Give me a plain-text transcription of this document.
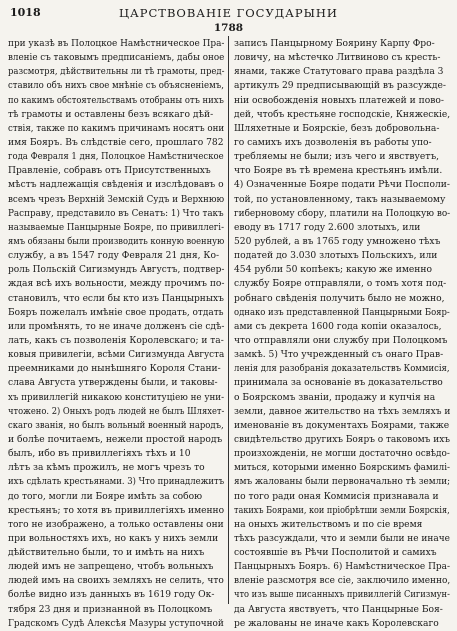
1018	ЦАРСТВОВАНIЕ ГОСУДАРЫНИ
1788
при указѣ въ Полоцкое Намѣстническое Пра-
вленiе съ таковымъ предписанiемъ, дабы оное
разсмотря, дѣйствительны ли тѣ грамоты, пред-
ставило объ нихъ свое мнѣнiе съ объясненiемъ,
по какимъ обстоятельствамъ отобраны отъ нихъ
тѣ грамоты и оставлены безъ всякаго дѣй-
ствiя, также по какимъ причинамъ носятъ они
имя Бояръ. Въ слѣдствiе сего, прошлаго 782
года Февраля 1 дня, Полоцкое Намѣстническое
Правленiе, собравъ отъ Присутственныхъ
мѣстъ надлежащiя свѣденiя и изслѣдовавъ о
всемъ чрезъ Верхнiй Земскiй Судъ и Верхнюю
Расправу, представило въ Сенатъ: 1) Что такъ
называемые Панцырные Бояре, по привиллегi-
ямъ обязаны были производить конную военную
службу, а въ 1547 году Февраля 21 дня, Ко-
роль Польскiй Сигизмундъ Августъ, подтвер-
ждая всѣ ихъ вольности, между прочимъ по-
становилъ, что если бы кто изъ Панцырныхъ
Бояръ пожелалъ имѣнiе свое продать, отдать
или промѣнять, то не иначе долженъ сiе сдѣ-
лать, какъ съ позволенiя Королевскаго; и та-
ковыя привилегiи, всѣми Сигизмунда Августа
преемниками до нынѣшняго Короля Стани-
слава Августа утверждены были, и таковы-
хъ привиллегiй никакою конституцiею не уни-
чтожено. 2) Оныхъ родъ людей не былъ Шляхет-
скаго званiя, но былъ вольный военный народъ,
и болѣе почитаемъ, нежели простой народъ
былъ, ибо въ привиллегiяхъ тѣхъ и 10
лѣтъ за кѣмъ прожилъ, не могъ чрезъ то
ихъ сдѣлать крестьянами. 3) Что принадлежитъ
до того, могли ли Бояре имѣть за собою
крестьянъ; то хотя въ привиллегiяхъ именно
того не изображено, а только оставлены они
при вольностяхъ ихъ, но какъ у нихъ земли
дѣйствительно были, то и имѣть на нихъ
людей имъ не запрещено, чтобъ вольныхъ
людей имъ на своихъ земляхъ не селить, что
болѣе видно изъ данныхъ въ 1619 году Ок-
тября 23 дня и признанной въ Полоцкомъ
Градскомъ Судѣ Алексѣя Мазуры уступочной
записъ Панцырному Боярину Карпу Фро-
ловичу, на мѣстечко Литвиново съ кресть-
янами, также Статутоваго права раздѣла 3
артикулъ 29 предписывающiй въ разсужде-
нiи освобожденiя новыхъ платежей и пово-
дей, чтобъ крестьяне господскiе, Княжескiе,
Шляхетные и Боярскiе, безъ добровольна-
го самихъ ихъ дозволенiя въ работы упо-
требляемы не были; изъ чего и явствуетъ,
что Бояре въ тѣ времена крестьянъ имѣли.
4) Означенные Бояре подати Рѣчи Посполи-
той, по установленному, такъ называемому
гиберновому сбору, платили на Полоцкую во-
еводу въ 1717 году 2.600 злотыхъ, или
520 рублей, а въ 1765 году умножено тѣхъ
податей до 3.030 злотыхъ Польскихъ, или
454 рубли 50 копѣекъ; какую же именно
службу Бояре отправляли, о томъ хотя под-
робнаго свѣденiя получить было не можно,
однако изъ представленной Панцырными Бояр-
ами съ декрета 1600 года копiи оказалось,
что отправляли они службу при Полоцкомъ
замкѣ. 5) Что учрежденный съ онаго Прав-
ленiя для разобранiя доказательствъ Коммисiя,
принимала за основанiе въ доказательство
о Боярскомъ званiи, продажу и купчiя на
земли, давное жительство на тѣхъ земляхъ и
именованiе въ документахъ Боярами, также
свидѣтельство другихъ Бояръ о таковомъ ихъ
произхожденiи, не могши достаточно освѣдо-
миться, которыми именно Боярскимъ фамилi-
ямъ жалованы были первоначально тѣ земли;
по того ради оная Коммисiя признавала и
такихъ Боярами, кои прiобрѣтши земли Боярскiя,
на оныхъ жительствомъ и по сiе время
тѣхъ разсуждали, что и земли были не иначе
состоявшiе въ Рѣчи Посполитой и самихъ
Панцырныхъ Бояръ. 6) Намѣстническое Пра-
вленiе разсмотря все сiе, заключило именно,
что изъ выше писанныхъ привиллегiй Сигизмун-
да Августа явствуетъ, что Панцырные Боя-
ре жалованы не иначе какъ Королевскаго
